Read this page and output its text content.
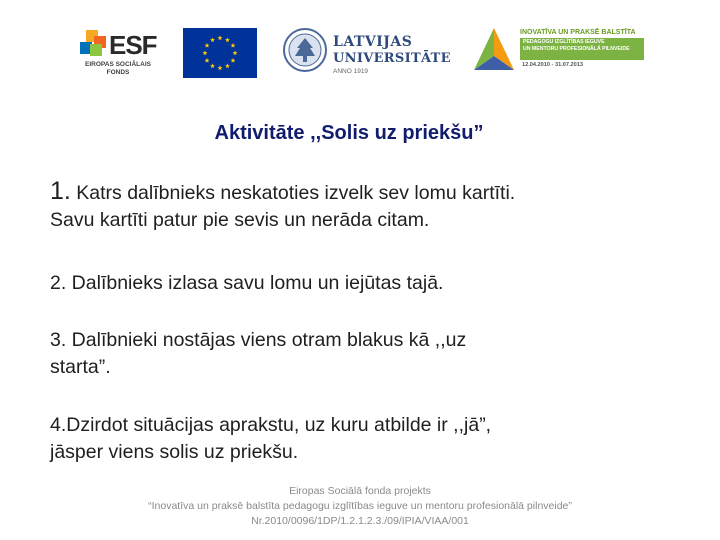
ESF
EIROPAS SOCIĀLAIS
FONDS
LATVIJAS
UNIVERSITĀTE
ANNO 1919
INOVATĪVA UN PRAKSĒ BALSTĪTA
PEDAGOGU IZGLĪTĪBAS IEGUVE
UN MENTORU PROFESIONĀLĀ PILNVEIDE
12.04.2010 - 31.07.2013
Aktivitāte ,,Solis uz priekšu”
1. Katrs dalībnieks neskatoties izvelk sev lomu kartīti.
Savu kartīti patur pie sevis un nerāda citam.
2. Dalībnieks izlasa savu lomu un iejūtas tajā.
3. Dalībnieki nostājas viens otram blakus kā ,,uz
starta”.
4.Dzirdot situācijas aprakstu, uz kuru atbilde ir ,,jā”,
jāsper viens solis uz priekšu.
Eiropas Sociālā fonda projekts
“Inovatīva un praksē balstīta pedagogu izglītības ieguve un mentoru profesionālā pilnveide”
Nr.2010/0096/1DP/1.2.1.2.3./09/IPIA/VIAA/001
